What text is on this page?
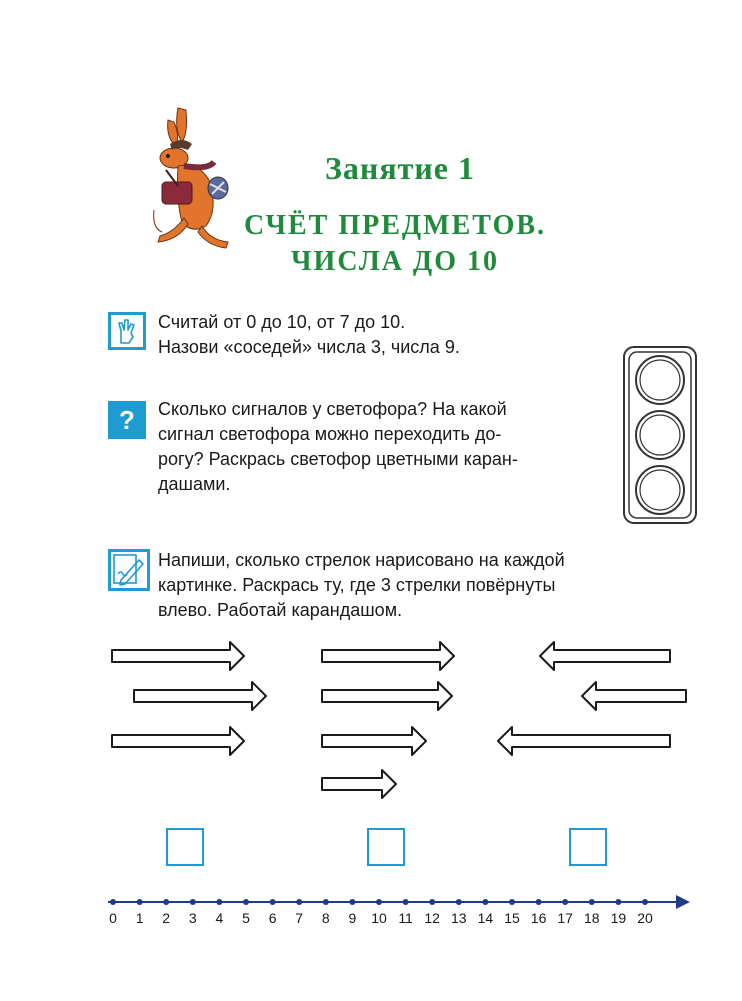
Занятие 1
СЧЁТ ПРЕДМЕТОВ.
ЧИСЛА ДО 10
Считай от 0 до 10, от 7 до 10.
Назови «соседей» числа 3, числа 9.
? Сколько сигналов у светофора? На какой
сигнал светофора можно переходить до-
рогу? Раскрась светофор цветными каран-
дашами.
Напиши, сколько стрелок нарисовано на каждой
картинке. Раскрась ту, где 3 стрелки повёрнуты
влево. Работай карандашом.
0	1	2	3	4	5	6	7	8	9	10 11 12 13 14 15 16 17 18 19 20
